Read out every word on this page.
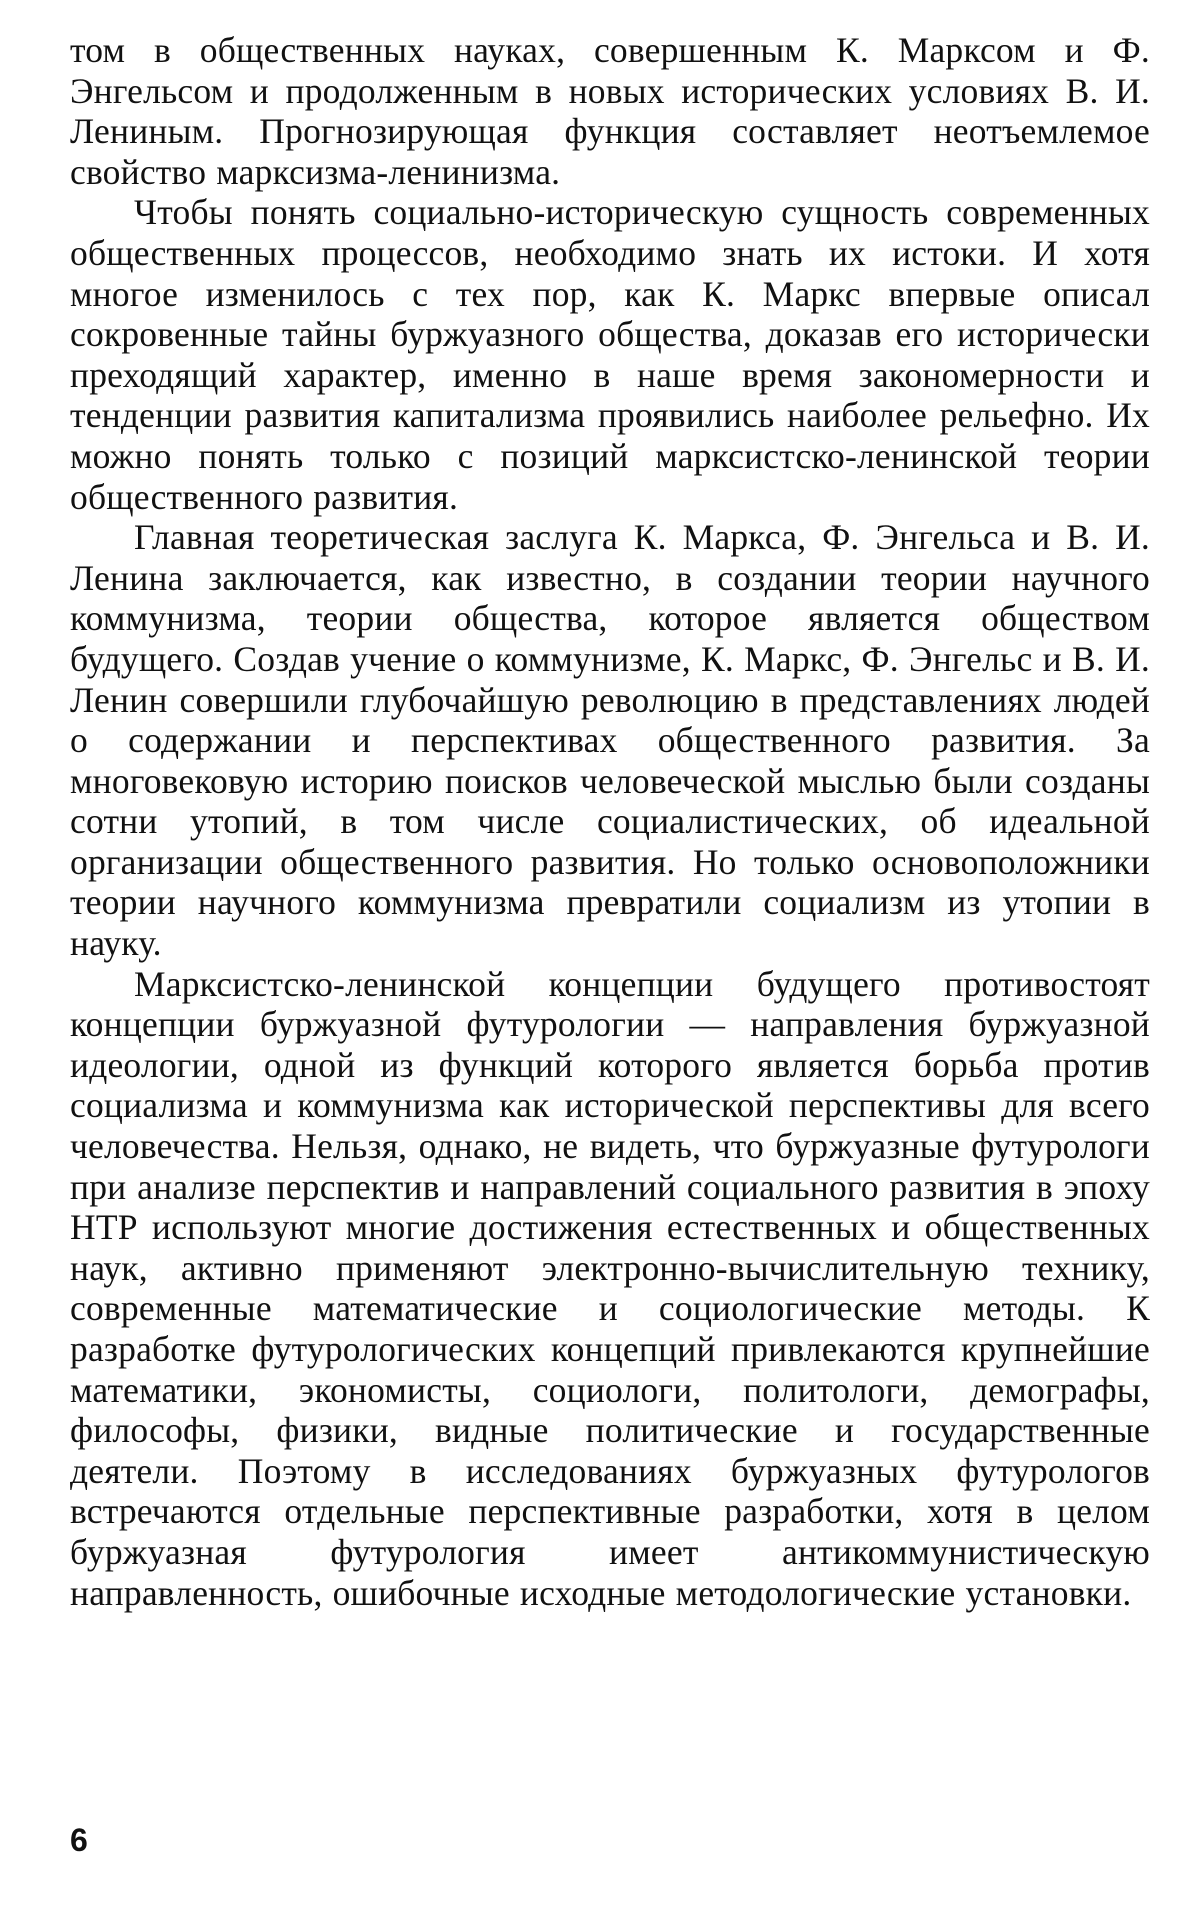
том в общественных науках, совершенным К. Марксом и Ф. Энгельсом и продолженным в новых исторических условиях В. И. Лениным. Прогнозирующая функция составляет неотъемлемое свойство марксизма-ленинизма.

Чтобы понять социально-историческую сущность современных общественных процессов, необходимо знать их истоки. И хотя многое изменилось с тех пор, как К. Маркс впервые описал сокровенные тайны буржуазного общества, доказав его исторически преходящий характер, именно в наше время закономерности и тенденции развития капитализма проявились наиболее рельефно. Их можно понять только с позиций марксистско-ленинской теории общественного развития.

Главная теоретическая заслуга К. Маркса, Ф. Энгельса и В. И. Ленина заключается, как известно, в создании теории научного коммунизма, теории общества, которое является обществом будущего. Создав учение о коммунизме, К. Маркс, Ф. Энгельс и В. И. Ленин совершили глубочайшую революцию в представлениях людей о содержании и перспективах общественного развития. За многовековую историю поисков человеческой мыслью были созданы сотни утопий, в том числе социалистических, об идеальной организации общественного развития. Но только основоположники теории научного коммунизма превратили социализм из утопии в науку.

Марксистско-ленинской концепции будущего противостоят концепции буржуазной футурологии — направления буржуазной идеологии, одной из функций которого является борьба против социализма и коммунизма как исторической перспективы для всего человечества. Нельзя, однако, не видеть, что буржуазные футурологи при анализе перспектив и направлений социального развития в эпоху НТР используют многие достижения естественных и общественных наук, активно применяют электронно-вычислительную технику, современные математические и социологические методы. К разработке футурологических концепций привлекаются крупнейшие математики, экономисты, социологи, политологи, демографы, философы, физики, видные политические и государственные деятели. Поэтому в исследованиях буржуазных футурологов встречаются отдельные перспективные разработки, хотя в целом буржуазная футурология имеет антикоммунистическую направленность, ошибочные исходные методологические установки.

6
